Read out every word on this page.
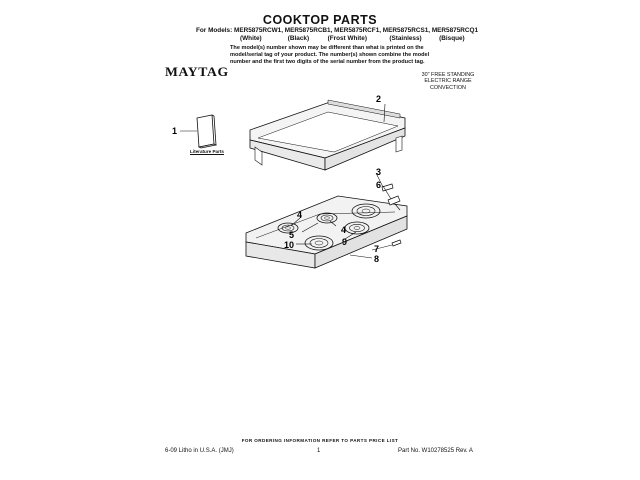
COOKTOP PARTS
For Models: MER5875RCW1, MER5875RCB1, MER5875RCF1, MER5875RCS1, MER5875RCQ1
(White)	(Black)	(Frost White)	(Stainless)	(Bisque)
The model(s) number shown may be different than what is printed on the model/serial tag of your product. The number(s) shown combine the model number and the first two digits of the serial number from the product tag.
MAYTAG	30" FREE STANDING
ELECTRIC RANGE
CONVECTION
Literature Parts
1
2
3
6
4
5	4
9
10	7
8
FOR ORDERING INFORMATION REFER TO PARTS PRICE LIST
6-09 Litho in U.S.A. (JMJ)	1	Part No. W10278525 Rev. A
